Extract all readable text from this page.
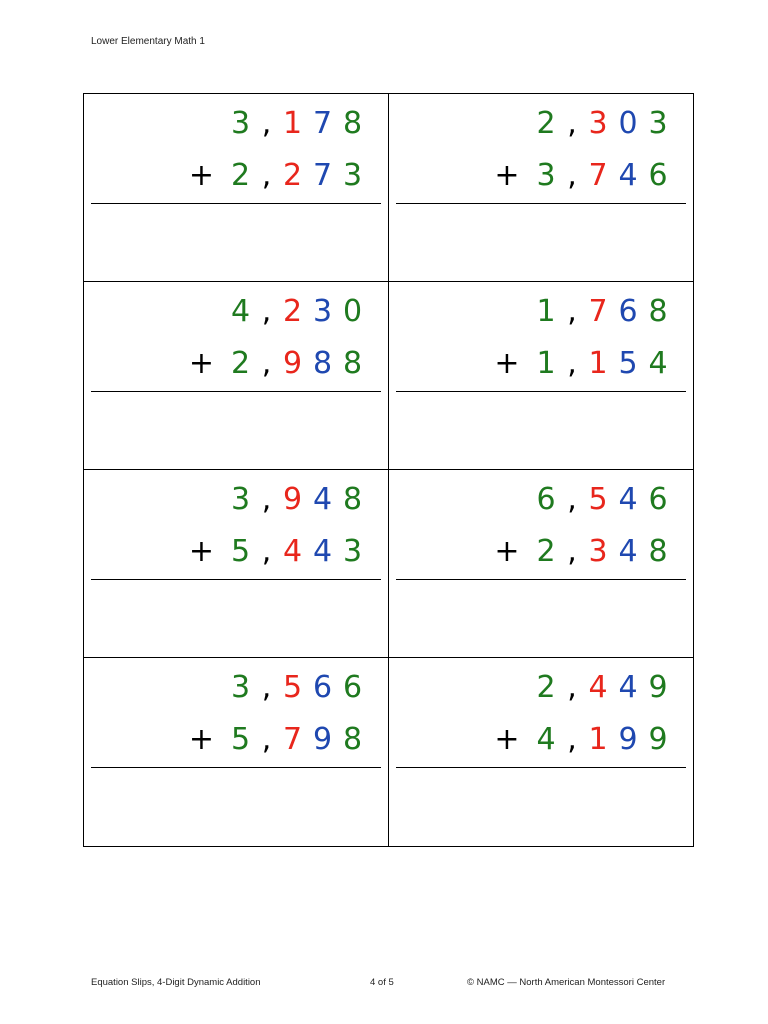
Lower Elementary Math 1
3 , 1 7 8
+ 2 , 2 7 3
2 , 3 0 3
+ 3 , 7 4 6
4 , 2 3 0
+ 2 , 9 8 8
1 , 7 6 8
+ 1 , 1 5 4
3 , 9 4 8
+ 5 , 4 4 3
6 , 5 4 6
+ 2 , 3 4 8
3 , 5 6 6
+ 5 , 7 9 8
2 , 4 4 9
+ 4 , 1 9 9
Equation Slips, 4-Digit Dynamic Addition	4 of 5	© NAMC — North American Montessori Center
